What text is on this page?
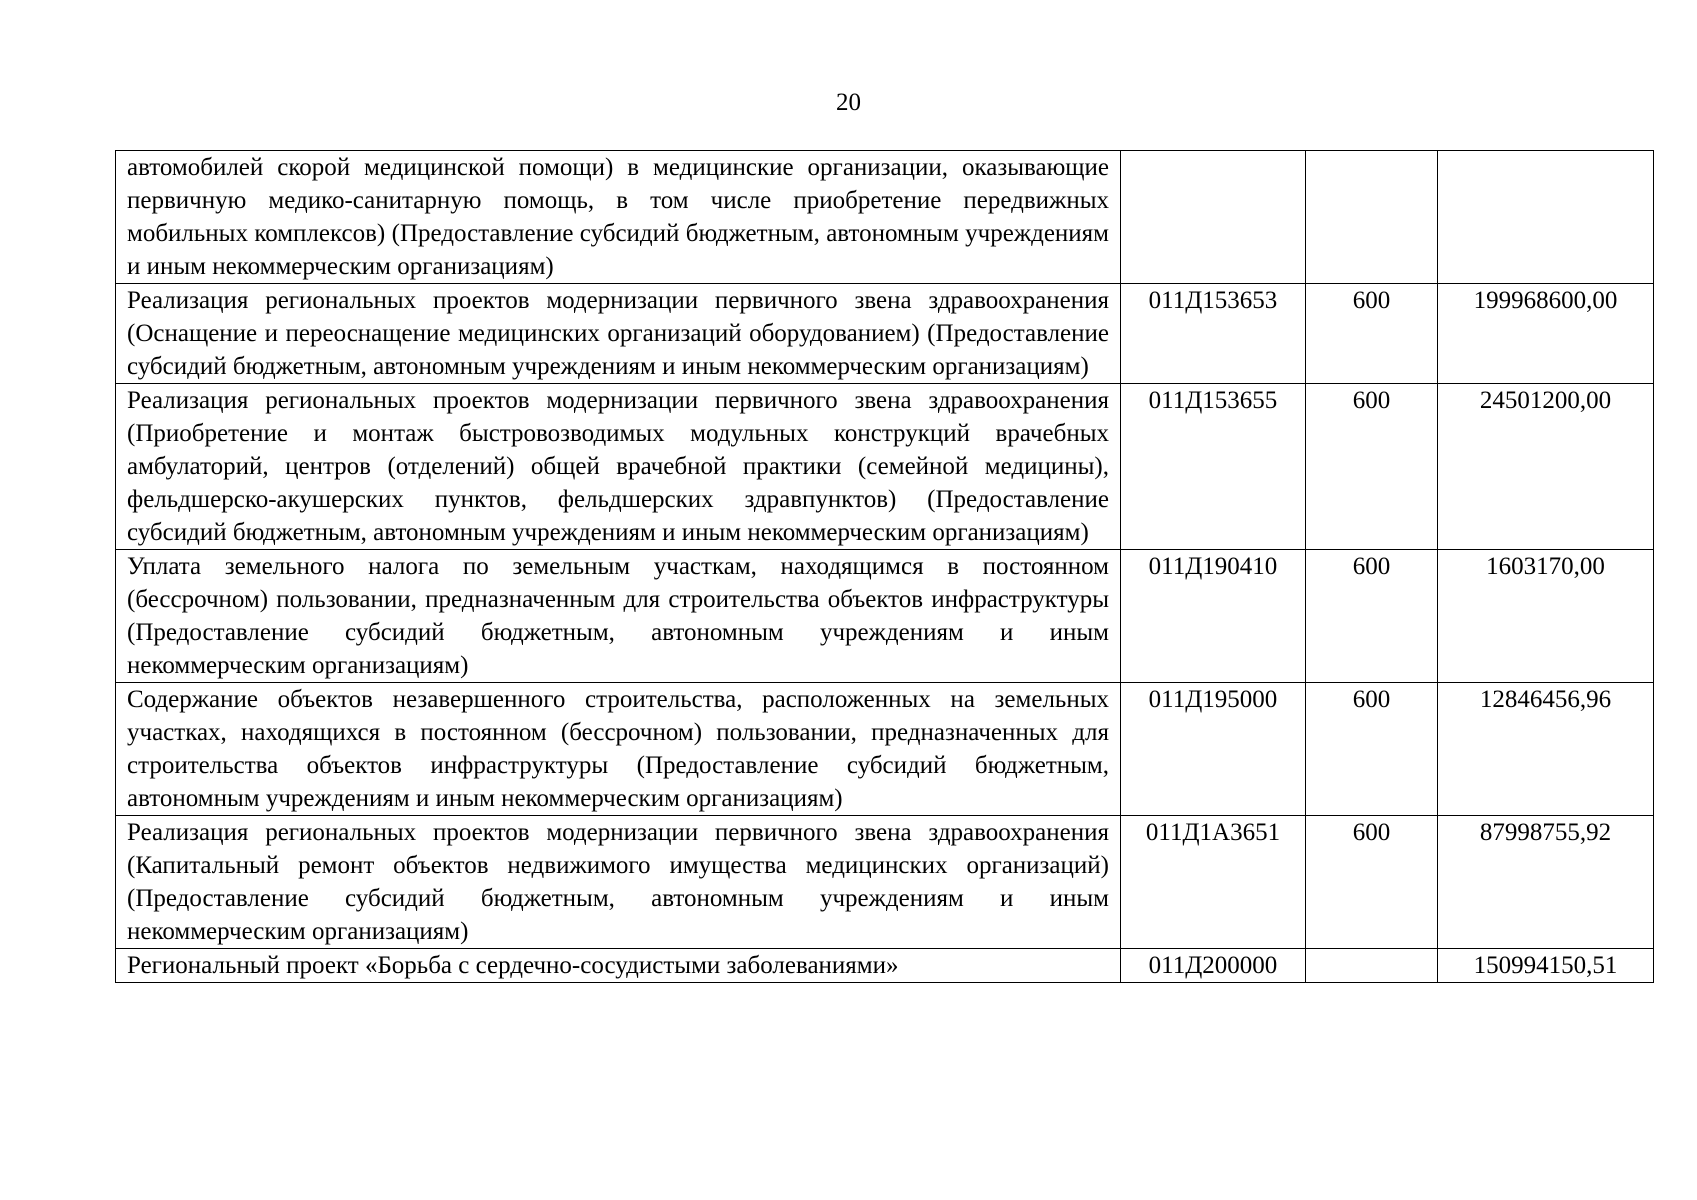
20
автомобилей скорой медицинской помощи) в медицинские организации, оказывающие первичную медико-санитарную помощь, в том числе приобретение передвижных мобильных комплексов) (Предоставление субсидий бюджетным, автономным учреждениям и иным некоммерческим организациям)			
Реализация региональных проектов модернизации первичного звена здравоохранения (Оснащение и переоснащение медицинских организаций оборудованием) (Предоставление субсидий бюджетным, автономным учреждениям и иным некоммерческим организациям)	011Д153653	600	199968600,00
Реализация региональных проектов модернизации первичного звена здравоохранения (Приобретение и монтаж быстровозводимых модульных конструкций врачебных амбулаторий, центров (отделений) общей врачебной практики (семейной медицины), фельдшерско-акушерских пунктов, фельдшерских здравпунктов) (Предоставление субсидий бюджетным, автономным учреждениям и иным некоммерческим организациям)	011Д153655	600	24501200,00
Уплата земельного налога по земельным участкам, находящимся в постоянном (бессрочном) пользовании, предназначенным для строительства объектов инфраструктуры (Предоставление субсидий бюджетным, автономным учреждениям и иным некоммерческим организациям)	011Д190410	600	1603170,00
Содержание объектов незавершенного строительства, расположенных на земельных участках, находящихся в постоянном (бессрочном) пользовании, предназначенных для строительства объектов инфраструктуры (Предоставление субсидий бюджетным, автономным учреждениям и иным некоммерческим организациям)	011Д195000	600	12846456,96
Реализация региональных проектов модернизации первичного звена здравоохранения (Капитальный ремонт объектов недвижимого имущества медицинских организаций) (Предоставление субсидий бюджетным, автономным учреждениям и иным некоммерческим организациям)	011Д1А3651	600	87998755,92
Региональный проект «Борьба с сердечно-сосудистыми заболеваниями»	011Д200000		150994150,51
